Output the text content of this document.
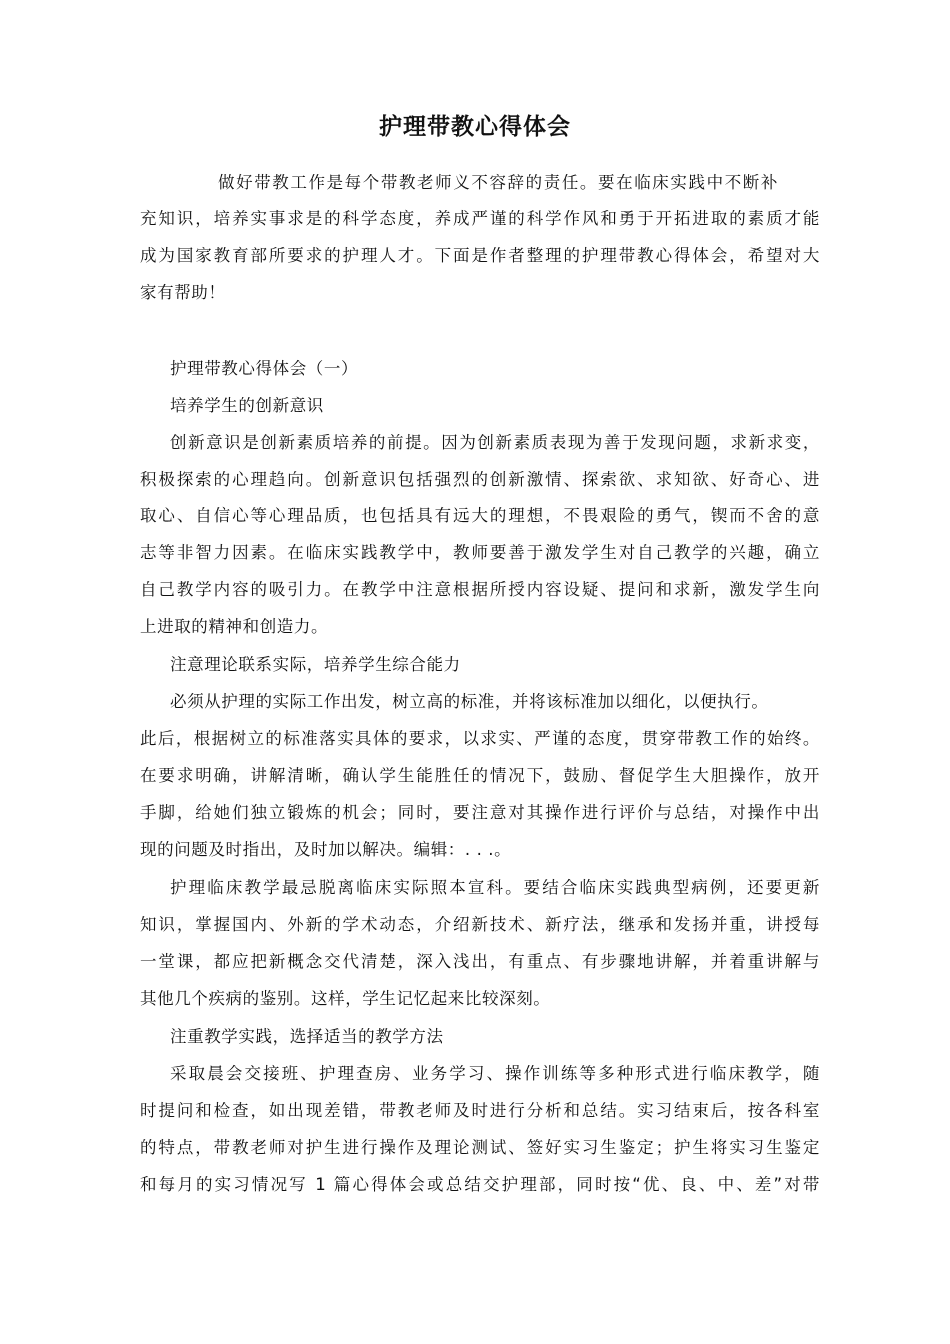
护理带教心得体会
做好带教工作是每个带教老师义不容辞的责任。要在临床实践中不断补
充知识，培养实事求是的科学态度，养成严谨的科学作风和勇于开拓进取的素质才能
成为国家教育部所要求的护理人才。下面是作者整理的护理带教心得体会，希望对大
家有帮助！
护理带教心得体会（一）
培养学生的创新意识
创新意识是创新素质培养的前提。因为创新素质表现为善于发现问题，求新求变，
积极探索的心理趋向。创新意识包括强烈的创新激情、探索欲、求知欲、好奇心、进
取心、自信心等心理品质，也包括具有远大的理想，不畏艰险的勇气，锲而不舍的意
志等非智力因素。在临床实践教学中，教师要善于激发学生对自己教学的兴趣，确立
自己教学内容的吸引力。在教学中注意根据所授内容设疑、提问和求新，激发学生向
上进取的精神和创造力。
注意理论联系实际，培养学生综合能力
必须从护理的实际工作出发，树立高的标准，并将该标准加以细化，以便执行。
此后，根据树立的标准落实具体的要求，以求实、严谨的态度，贯穿带教工作的始终。
在要求明确，讲解清晰，确认学生能胜任的情况下，鼓励、督促学生大胆操作，放开
手脚，给她们独立锻炼的机会；同时，要注意对其操作进行评价与总结，对操作中出
现的问题及时指出，及时加以解决。编辑：. . .。
护理临床教学最忌脱离临床实际照本宣科。要结合临床实践典型病例，还要更新
知识，掌握国内、外新的学术动态，介绍新技术、新疗法，继承和发扬并重，讲授每
一堂课，都应把新概念交代清楚，深入浅出，有重点、有步骤地讲解，并着重讲解与
其他几个疾病的鉴别。这样，学生记忆起来比较深刻。
注重教学实践，选择适当的教学方法
采取晨会交接班、护理查房、业务学习、操作训练等多种形式进行临床教学，随
时提问和检查，如出现差错，带教老师及时进行分析和总结。实习结束后，按各科室
的特点，带教老师对护生进行操作及理论测试、签好实习生鉴定；护生将实习生鉴定
和每月的实习情况写 1 篇心得体会或总结交护理部，同时按“优、良、中、差”对带
